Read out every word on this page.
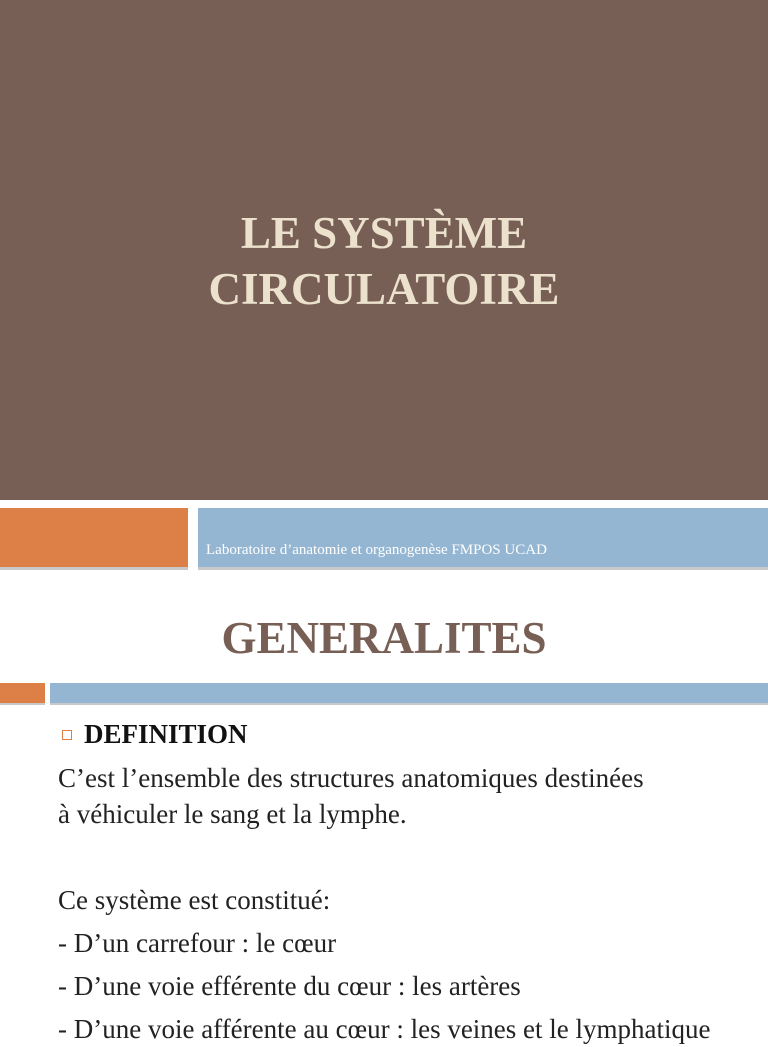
LE SYSTÈME
CIRCULATOIRE
Laboratoire d’anatomie et organogenèse FMPOS UCAD
GENERALITES
DEFINITION
C’est l’ensemble des structures anatomiques destinées
à véhiculer le sang et la lymphe.
Ce système est constitué:
- D’un carrefour : le cœur
- D’une voie efférente du cœur : les artères
- D’une voie afférente au cœur : les veines et le lymphatique
